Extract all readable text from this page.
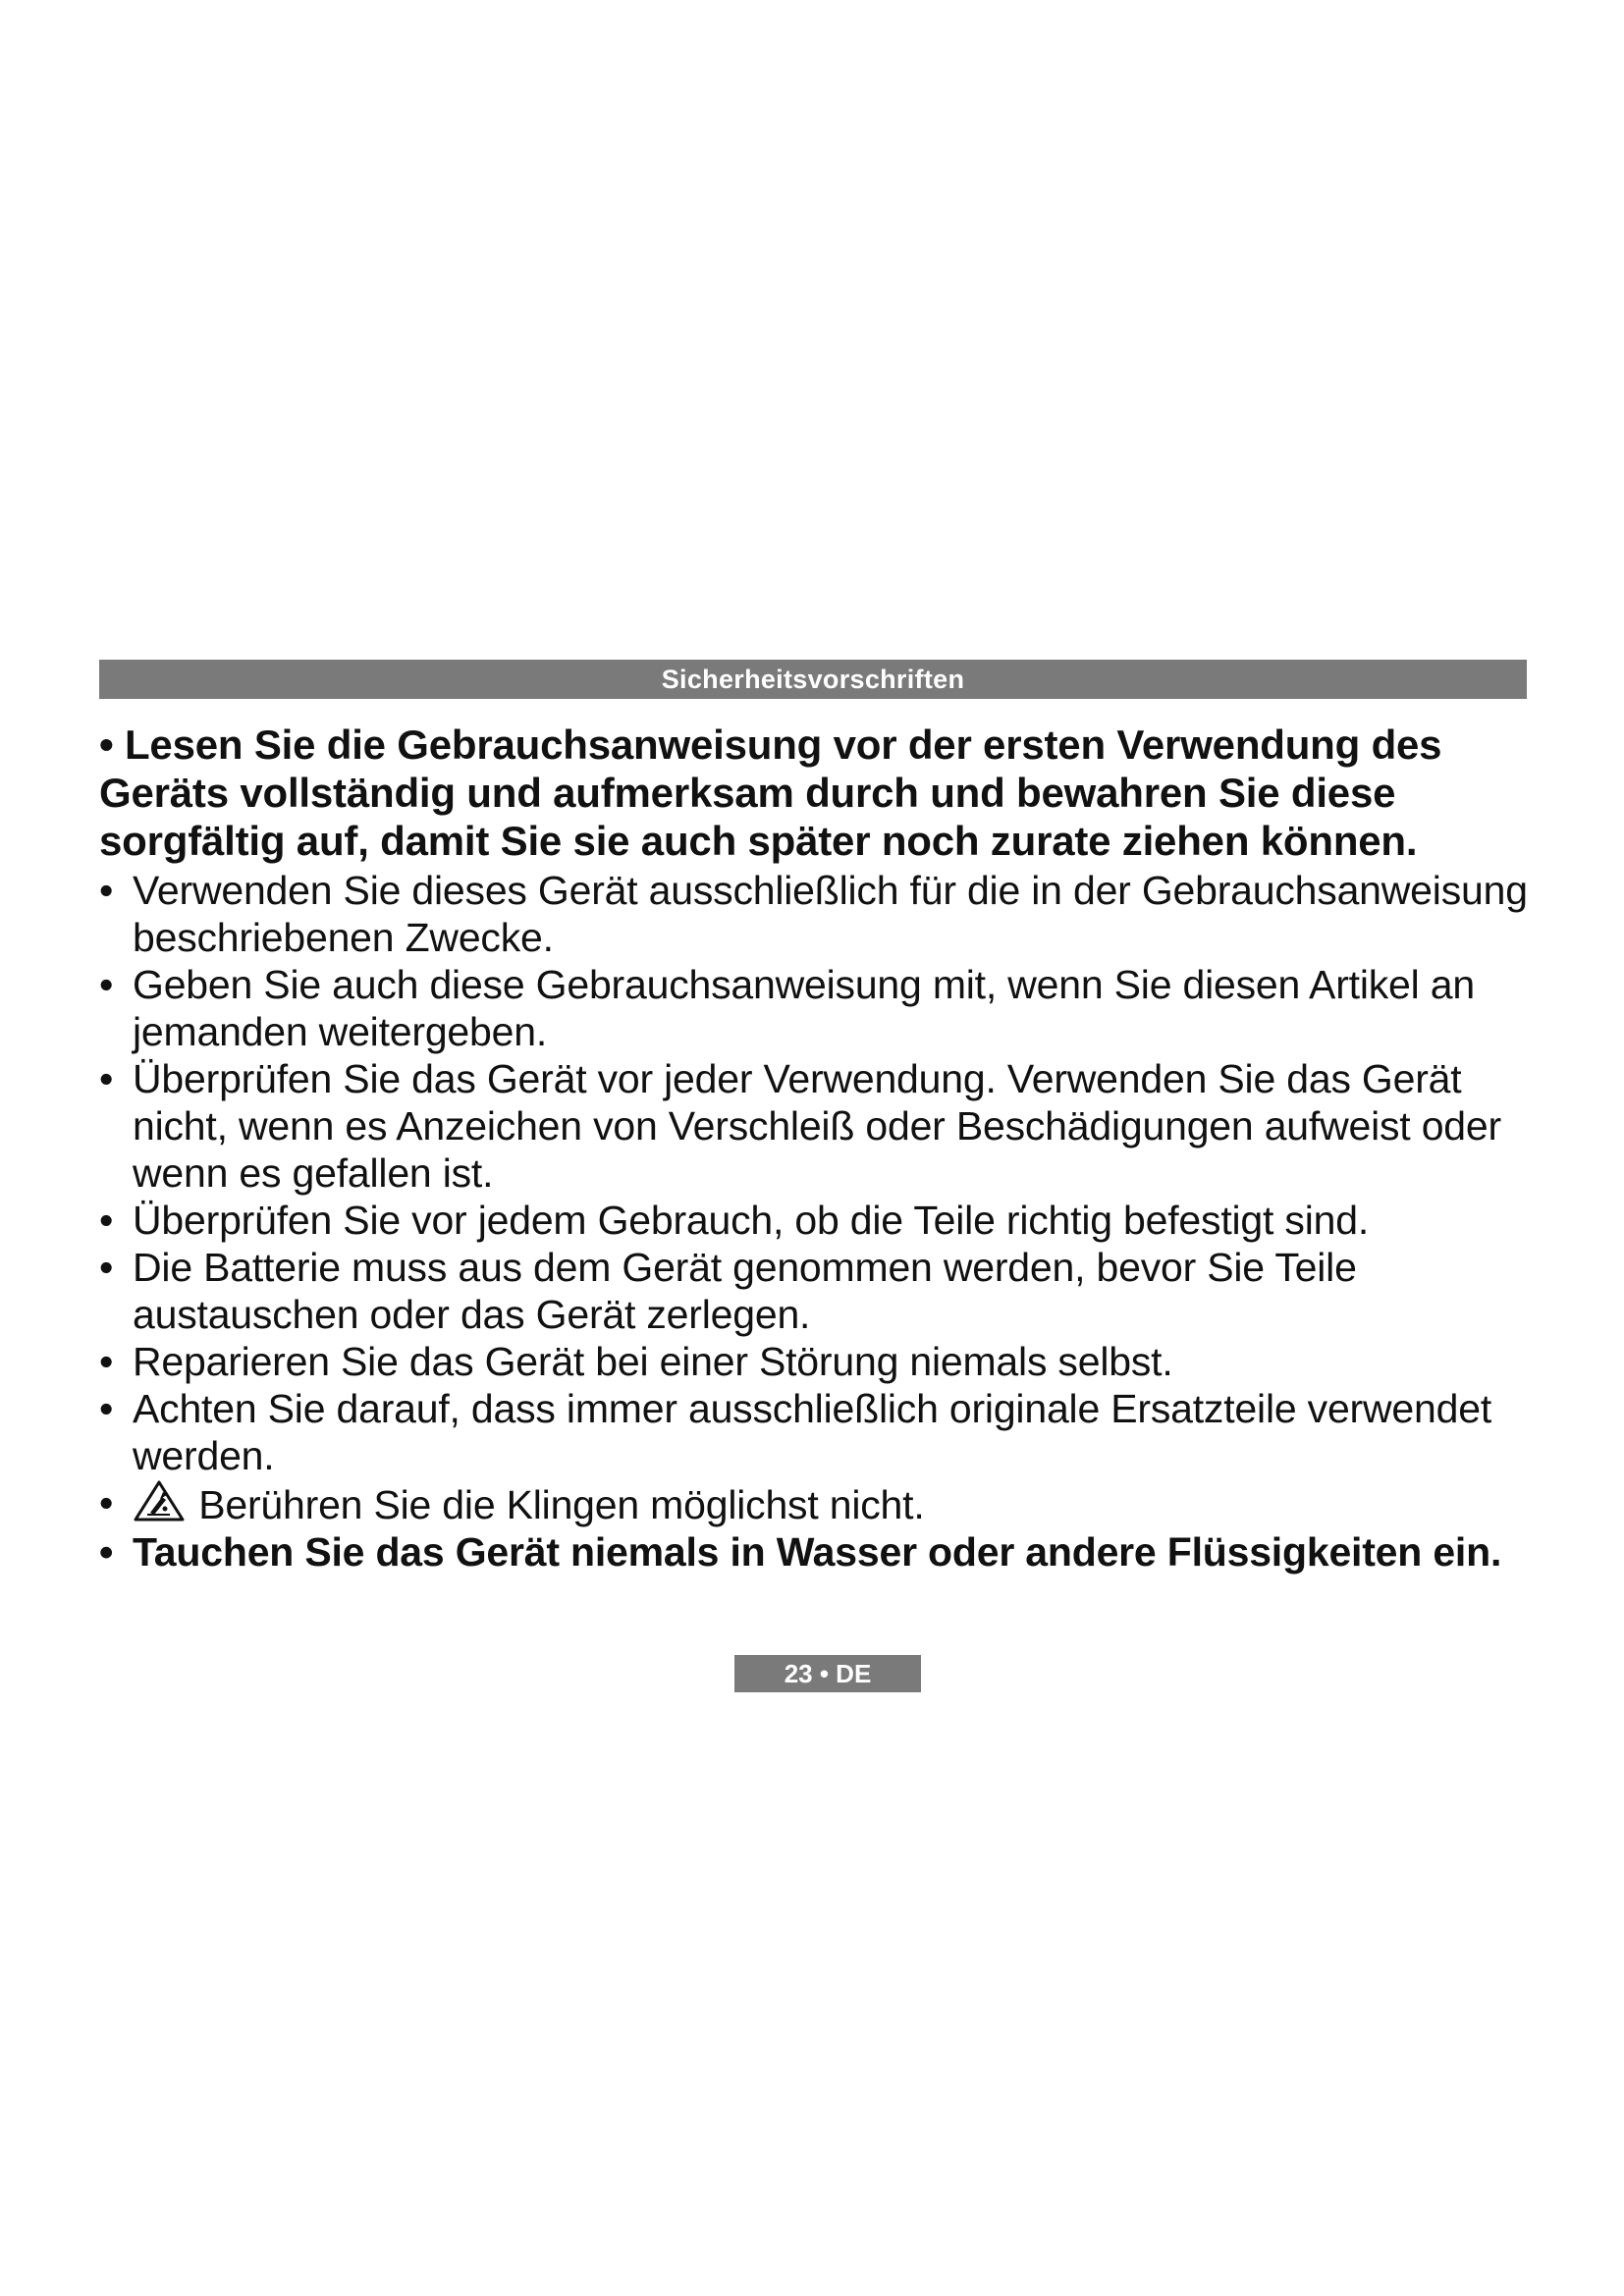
Sicherheitsvorschriften

• Lesen Sie die Gebrauchsanweisung vor der ersten Verwendung des Geräts vollständig und aufmerksam durch und bewahren Sie diese sorgfältig auf, damit Sie sie auch später noch zurate ziehen können.

• Verwenden Sie dieses Gerät ausschließlich für die in der Gebrauchsanweisung beschriebenen Zwecke.
• Geben Sie auch diese Gebrauchsanweisung mit, wenn Sie diesen Artikel an jemanden weitergeben.
• Überprüfen Sie das Gerät vor jeder Verwendung. Verwenden Sie das Gerät nicht, wenn es Anzeichen von Verschleiß oder Beschädigungen aufweist oder wenn es gefallen ist.
• Überprüfen Sie vor jedem Gebrauch, ob die Teile richtig befestigt sind.
• Die Batterie muss aus dem Gerät genommen werden, bevor Sie Teile austauschen oder das Gerät zerlegen.
• Reparieren Sie das Gerät bei einer Störung niemals selbst.
• Achten Sie darauf, dass immer ausschließlich originale Ersatzteile verwendet werden.
• Berühren Sie die Klingen möglichst nicht.
• Tauchen Sie das Gerät niemals in Wasser oder andere Flüssigkeiten ein.
23 • DE
